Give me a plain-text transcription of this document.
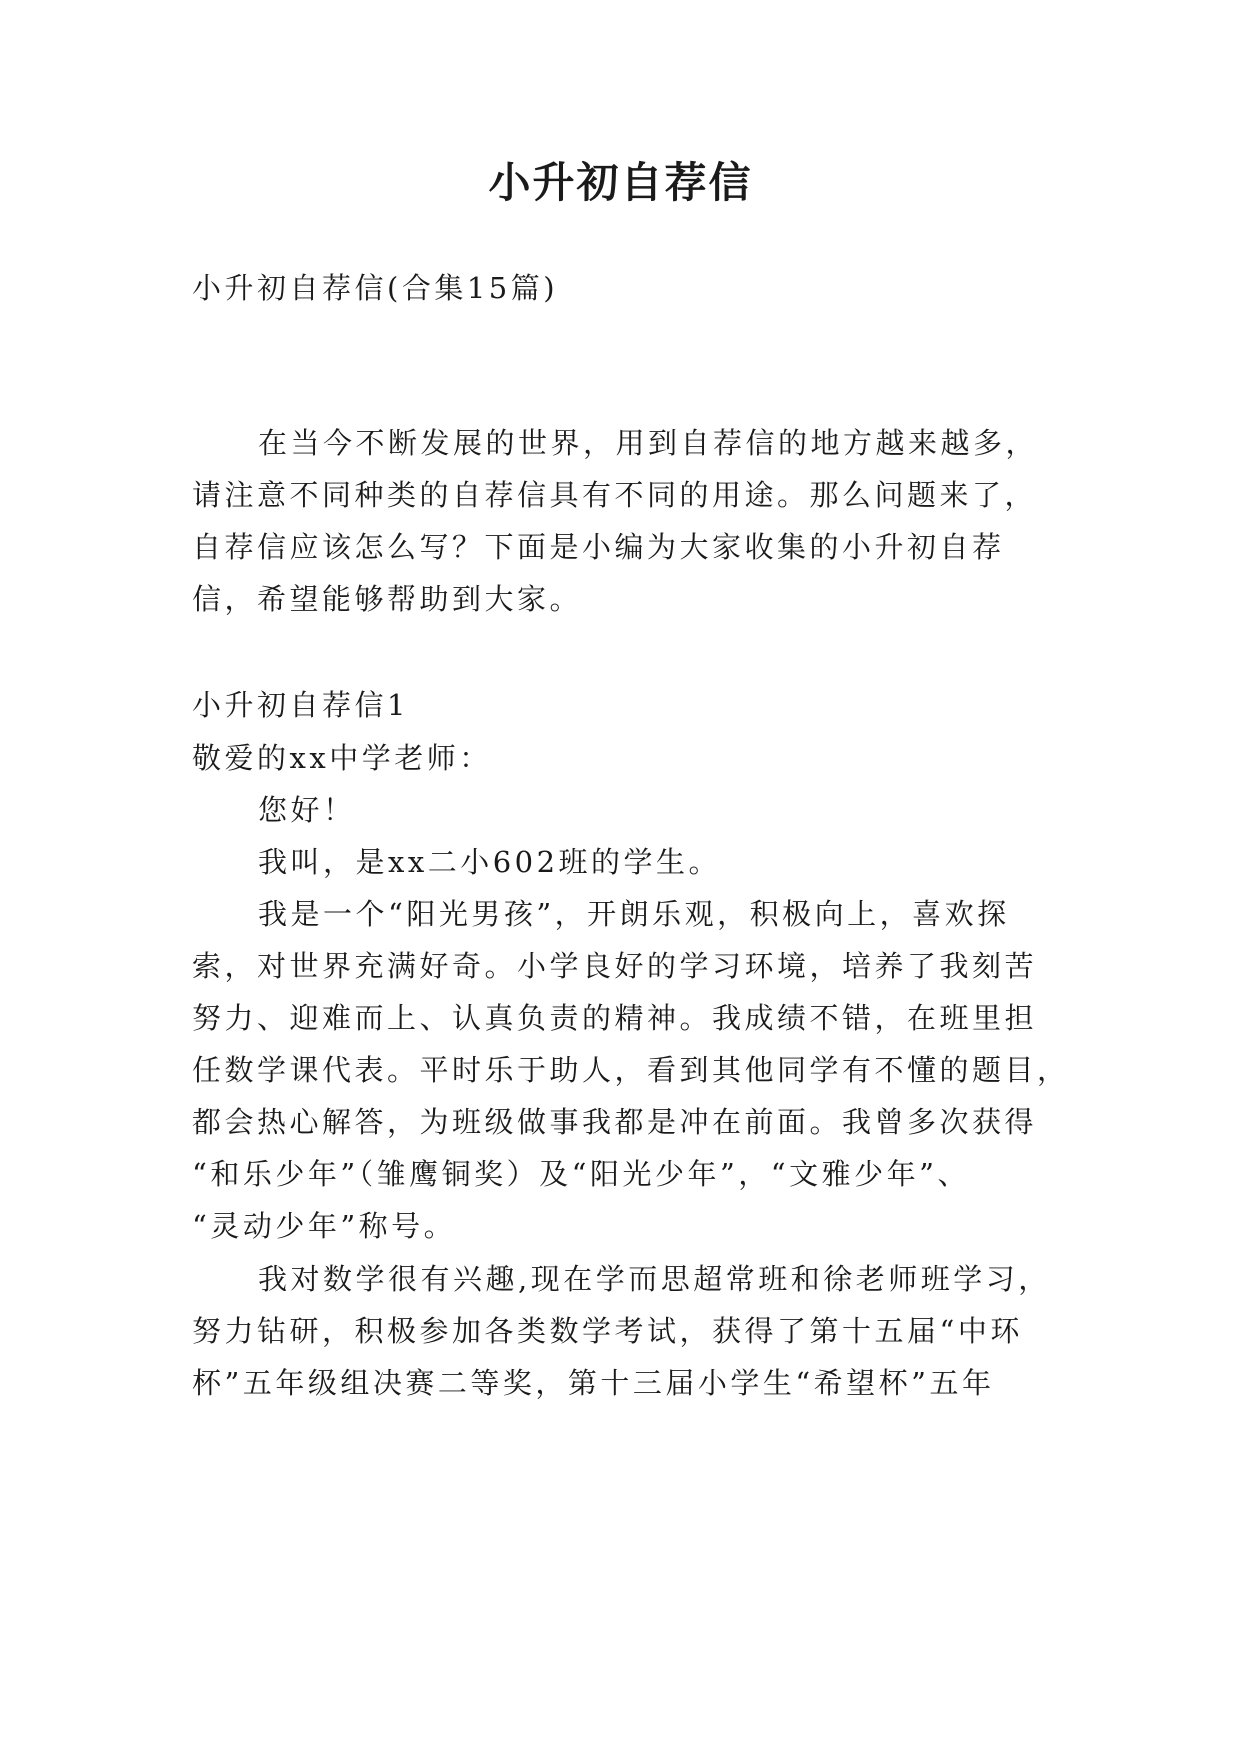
小升初自荐信
小升初自荐信(合集15篇)
在当今不断发展的世界，用到自荐信的地方越来越多，
请注意不同种类的自荐信具有不同的用途。那么问题来了，
自荐信应该怎么写？下面是小编为大家收集的小升初自荐
信，希望能够帮助到大家。
小升初自荐信1
敬爱的xx中学老师：
您好！
我叫，是xx二小602班的学生。
我是一个“阳光男孩”，开朗乐观，积极向上，喜欢探
索，对世界充满好奇。小学良好的学习环境，培养了我刻苦
努力、迎难而上、认真负责的精神。我成绩不错，在班里担
任数学课代表。平时乐于助人，看到其他同学有不懂的题目，
都会热心解答，为班级做事我都是冲在前面。我曾多次获得
“和乐少年”（雏鹰铜奖）及“阳光少年”，“文雅少年”、
“灵动少年”称号。
我对数学很有兴趣,现在学而思超常班和徐老师班学习，
努力钻研，积极参加各类数学考试，获得了第十五届“中环
杯”五年级组决赛二等奖，第十三届小学生“希望杯”五年
